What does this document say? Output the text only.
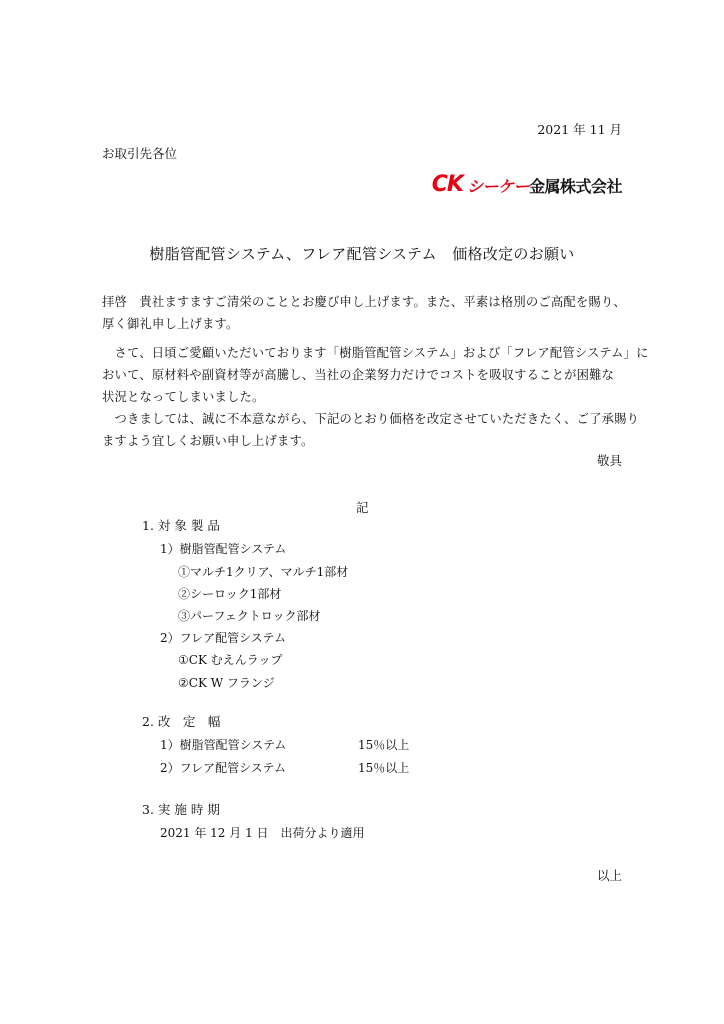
2021 年 11 月
お取引先各位
CK シーケー金属株式会社
樹脂管配管システム、フレア配管システム　価格改定のお願い
拝啓　貴社ますますご清栄のこととお慶び申し上げます。また、平素は格別のご高配を賜り、
厚く御礼申し上げます。
　さて、日頃ご愛顧いただいております「樹脂管配管システム」および「フレア配管システム」に
おいて、原材料や副資材等が高騰し、当社の企業努力だけでコストを吸収することが困難な
状況となってしまいました。
　つきましては、誠に不本意ながら、下記のとおり価格を改定させていただきたく、ご了承賜り
ますよう宜しくお願い申し上げます。
敬具
記
1. 対 象 製 品
1）樹脂管配管システム
①マルチ1クリア、マルチ1部材
②シーロック1部材
③パーフェクトロック部材
2）フレア配管システム
①CK むえんラップ
②CK W フランジ
2. 改　定　幅
1）樹脂管配管システム	15％以上
2）フレア配管システム	15％以上
3. 実 施 時 期
2021 年 12 月 1 日　出荷分より適用
以上
